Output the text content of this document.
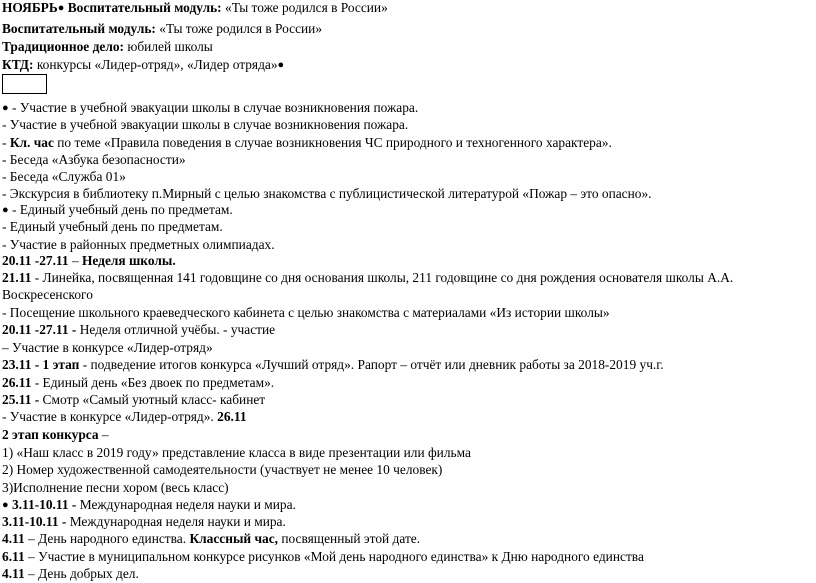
НОЯБРЬ● Воспитательный модуль: «Ты тоже родился в России»
Воспитательный модуль: «Ты тоже родился в России»
Традиционное дело: юбилей школы
КТД: конкурсы «Лидер-отряд», «Лидер отряда»●
● - Участие в учебной эвакуации школы в случае возникновения пожара.
- Участие в учебной эвакуации школы в случае возникновения пожара.
- Кл. час по теме «Правила поведения в случае возникновения ЧС природного и техногенного характера».
- Беседа «Азбука безопасности»
- Беседа «Служба 01»
- Экскурсия в библиотеку п.Мирный с целью знакомства с публицистической литературой «Пожар – это опасно».
● - Единый учебный день по предметам.
- Единый учебный день по предметам.
- Участие в районных предметных олимпиадах.
20.11 -27.11 – Неделя школы.
21.11 - Линейка, посвященная 141 годовщине со дня основания школы, 211 годовщине со дня рождения основателя школы А.А.
Воскресенского
- Посещение школьного краеведческого кабинета с целью знакомства с материалами «Из истории школы»
20.11 -27.11 - Неделя отличной учёбы. - участие
– Участие в конкурсе «Лидер-отряд»
23.11 - 1 этап - подведение итогов конкурса «Лучший отряд». Рапорт – отчёт или дневник работы за 2018-2019 уч.г.
26.11 - Единый день «Без двоек по предметам».
25.11 - Смотр «Самый уютный класс- кабинет
- Участие в конкурсе «Лидер-отряд». 26.11
2 этап конкурса –
1) «Наш класс в 2019 году» представление класса в виде презентации или фильма
2) Номер художественной самодеятельности (участвует не менее 10 человек)
3)Исполнение песни хором (весь класс)
● 3.11-10.11 - Международная неделя науки и мира.
3.11-10.11 - Международная неделя науки и мира.
4.11 – День народного единства. Классный час, посвященный этой дате.
6.11 – Участие в муниципальном конкурсе рисунков «Мой день народного единства» к Дню народного единства
4.11 – День добрых дел.
